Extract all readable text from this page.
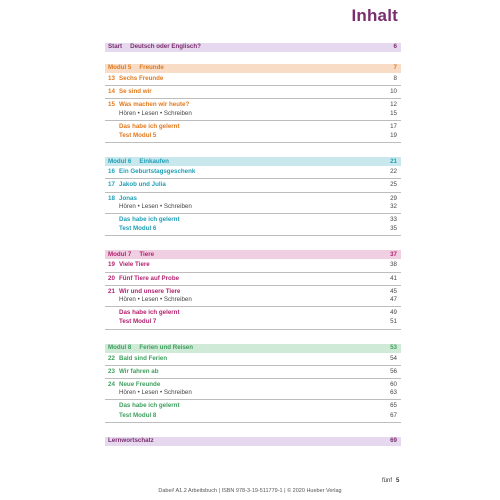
Inhalt
Start Deutsch oder Englisch?	6
Modul 5 Freunde	7
13 Sechs Freunde	8
14 Se sind wir	10
15 Was machen wir heute?	12
Hören • Lesen • Schreiben	15
Das habe ich gelernt	17
Test Modul 5	19
Modul 6 Einkaufen	21
16 Ein Geburtstagsgeschenk	22
17 Jakob und Julia	25
18 Jonas	29
Hören • Lesen • Schreiben	32
Das habe ich gelernt	33
Test Modul 6	35
Modul 7 Tiere	37
19 Viele Tiere	38
20 Fünf Tiere auf Probe	41
21 Wir und unsere Tiere	45
Hören • Lesen • Schreiben	47
Das habe ich gelernt	49
Test Modul 7	51
Modul 8 Ferien und Reisen	53
22 Bald sind Ferien	54
23 Wir fahren ab	56
24 Neue Freunde	60
Hören • Lesen • Schreiben	63
Das habe ich gelernt	65
Test Modul 8	67
Lernwortschatz	69
fünf 5
Dabei! A1.2 Arbeitsbuch | ISBN 978-3-19-511779-1 | © 2020 Hueber Verlag
